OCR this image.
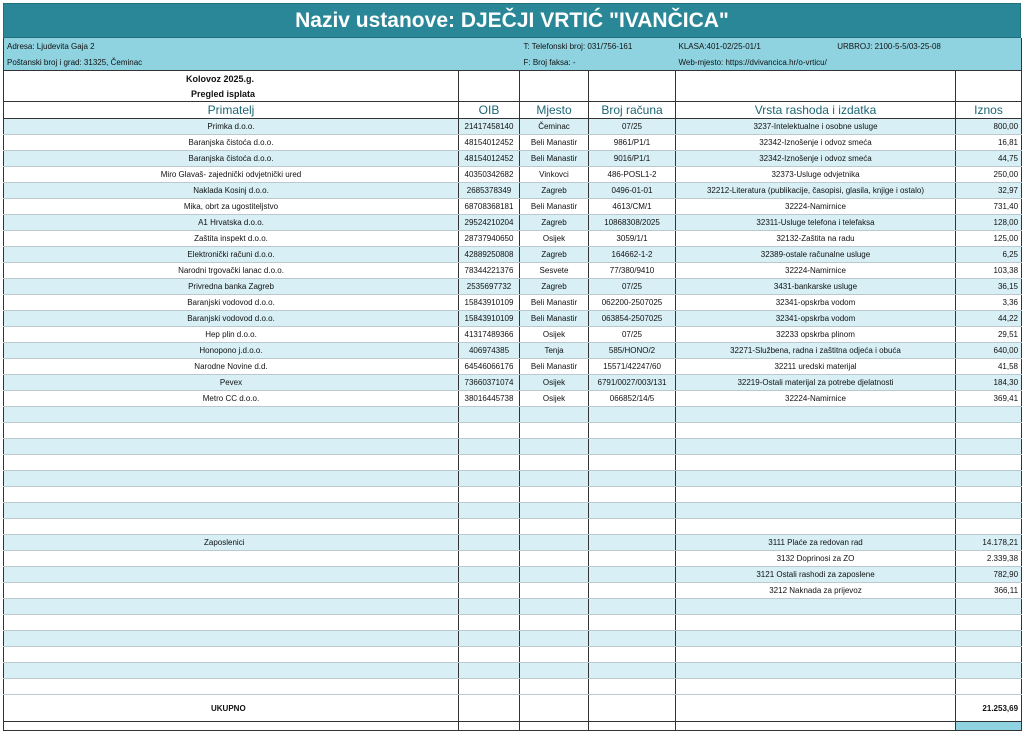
Naziv ustanove: DJEČJI VRTIĆ "IVANČICA"
Adresa: Ljudevita Gaja 2	T: Telefonski broj: 031/756-161			KLASA:401-02/25-01/1 URBROJ: 2100-5-5/03-25-08	
Poštanski broj i grad: 31325, Čeminac	F: Broj faksa: -			Web-mjesto: https://dvivancica.hr/o-vrticu/	
Kolovoz 2025.g.					
Pregled isplata					
Primatelj	OIB	Mjesto	Broj računa	Vrsta rashoda i izdatka	Iznos
Primka d.o.o.	21417458140	Čeminac	07/25	3237-Intelektualne i osobne usluge	800,00
Baranjska čistoća d.o.o.	48154012452	Beli Manastir	9861/P1/1	32342-Iznošenje i odvoz smeća	16,81
Baranjska čistoća d.o.o.	48154012452	Beli Manastir	9016/P1/1	32342-Iznošenje i odvoz smeća	44,75
Miro Glavaš- zajednički odvjetnički ured	40350342682	Vinkovci	486-POSL1-2	32373-Usluge odvjetnika	250,00
Naklada Kosinj d.o.o.	2685378349	Zagreb	0496-01-01	32212-Literatura (publikacije, časopisi, glasila, knjige i ostalo)	32,97
Mika, obrt za ugostiteljstvo	68708368181	Beli Manastir	4613/CM/1	32224-Namirnice	731,40
A1 Hrvatska d.o.o.	29524210204	Zagreb	10868308/2025	32311-Usluge telefona i telefaksa	128,00
Zaštita inspekt d.o.o.	28737940650	Osijek	3059/1/1	32132-Zaštita na radu	125,00
Elektronički računi d.o.o.	42889250808	Zagreb	164662-1-2	32389-ostale računalne usluge	6,25
Narodni trgovački lanac d.o.o.	78344221376	Sesvete	77/380/9410	32224-Namirnice	103,38
Privredna banka Zagreb	2535697732	Zagreb	07/25	3431-bankarske usluge	36,15
Baranjski vodovod d.o.o.	15843910109	Beli Manastir	062200-2507025	32341-opskrba vodom	3,36
Baranjski vodovod d.o.o.	15843910109	Beli Manastir	063854-2507025	32341-opskrba vodom	44,22
Hep plin d.o.o.	41317489366	Osijek	07/25	32233 opskrba plinom	29,51
Honopono j.d.o.o.	406974385	Tenja	585/HONO/2	32271-Službena, radna i zaštitna odjeća i obuća	640,00
Narodne Novine d.d.	64546066176	Beli Manastir	15571/42247/60	32211 uredski materijal	41,58
Pevex	73660371074	Osijek	6791/0027/003/131	32219-Ostali materijal za potrebe djelatnosti	184,30
Metro CC d.o.o.	38016445738	Osijek	066852/14/5	32224-Namirnice	369,41

Zaposlenici				3111 Plaće za redovan rad	14.178,21
				3132 Doprinosi za ZO	2.339,38
				3121 Ostali rashodi za zaposlene	782,90
				3212 Naknada za prijevoz	366,11

UKUPNO					21.253,69
